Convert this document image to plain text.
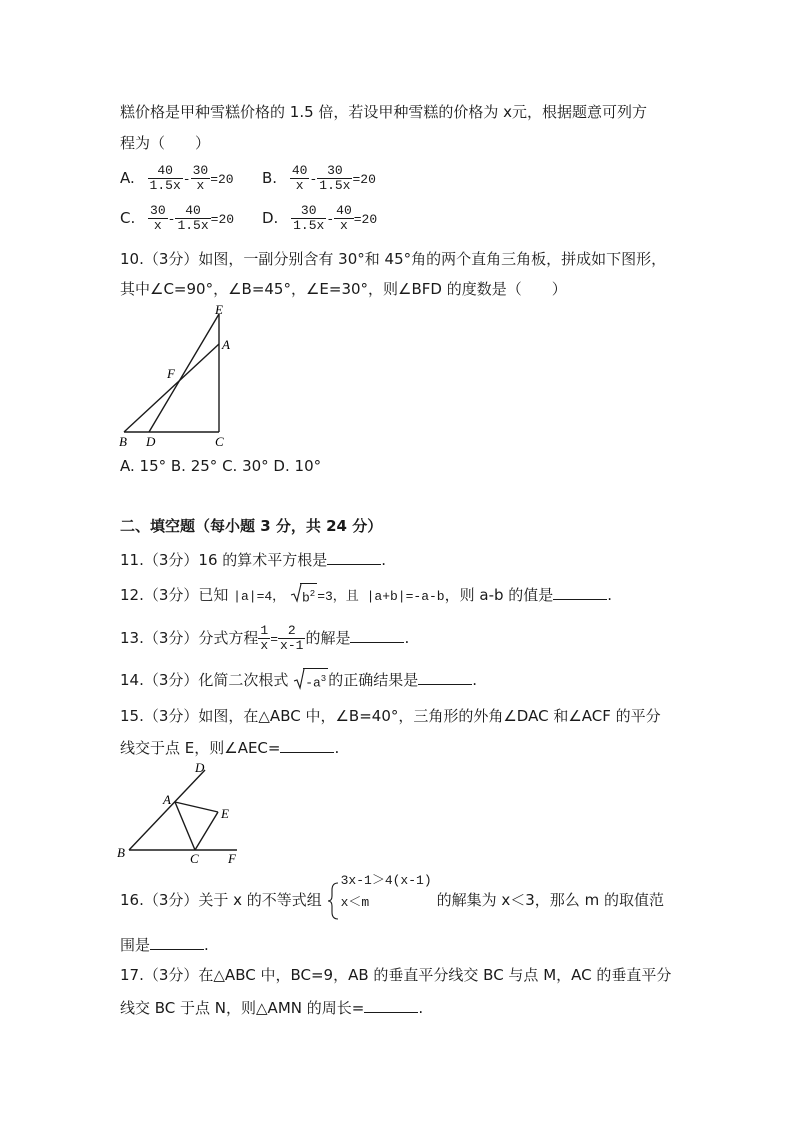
糕价格是甲种雪糕价格的 1.5 倍，若设甲种雪糕的价格为 x元，根据题意可列方
程为（　　）
A. $\frac{40}{1.5x} - \frac{30}{x} =20$ B. $\frac{40}{x} - \frac{30}{1.5x} =20$
C. $\frac{30}{x} - \frac{40}{1.5x} =20$ D. $\frac{30}{1.5x} - \frac{40}{x} =20$
10.（3分）如图，一副分别含有 30°和 45°角的两个直角三角板，拼成如下图形，
其中∠C=90°，∠B=45°，∠E=30°，则∠BFD 的度数是（　　）
E
A
F
B D	C
A. 15° B. 25° C. 30° D. 10°
二、填空题（每小题 3 分，共 24 分）
11.（3分）16 的算术平方根是	.
12.（3分）已知 |a|=4， $b^2 =3$，且 |a+b|=-a-b，则 a-b 的值是	.
13.（3分）分式方程 $\frac{1}{x} = \frac{2}{x-1}$ 的解是	.
14.（3分）化简二次根式 $-a^3$ 的正确结果是	.
15.（3分）如图，在△ABC 中，∠B=40°，三角形的外角∠DAC 和∠ACF 的平分
线交于点 E，则∠AEC=	.
D
A
E
B	C F
16.（3分）关于 x 的不等式组
3x-1＞4(x-1)
x＜m	的解集为 x＜3，那么 m 的取值范
围是	.
17.（3分）在△ABC 中，BC=9，AB 的垂直平分线交 BC 与点 M，AC 的垂直平分
线交 BC 于点 N，则△AMN 的周长=	.
